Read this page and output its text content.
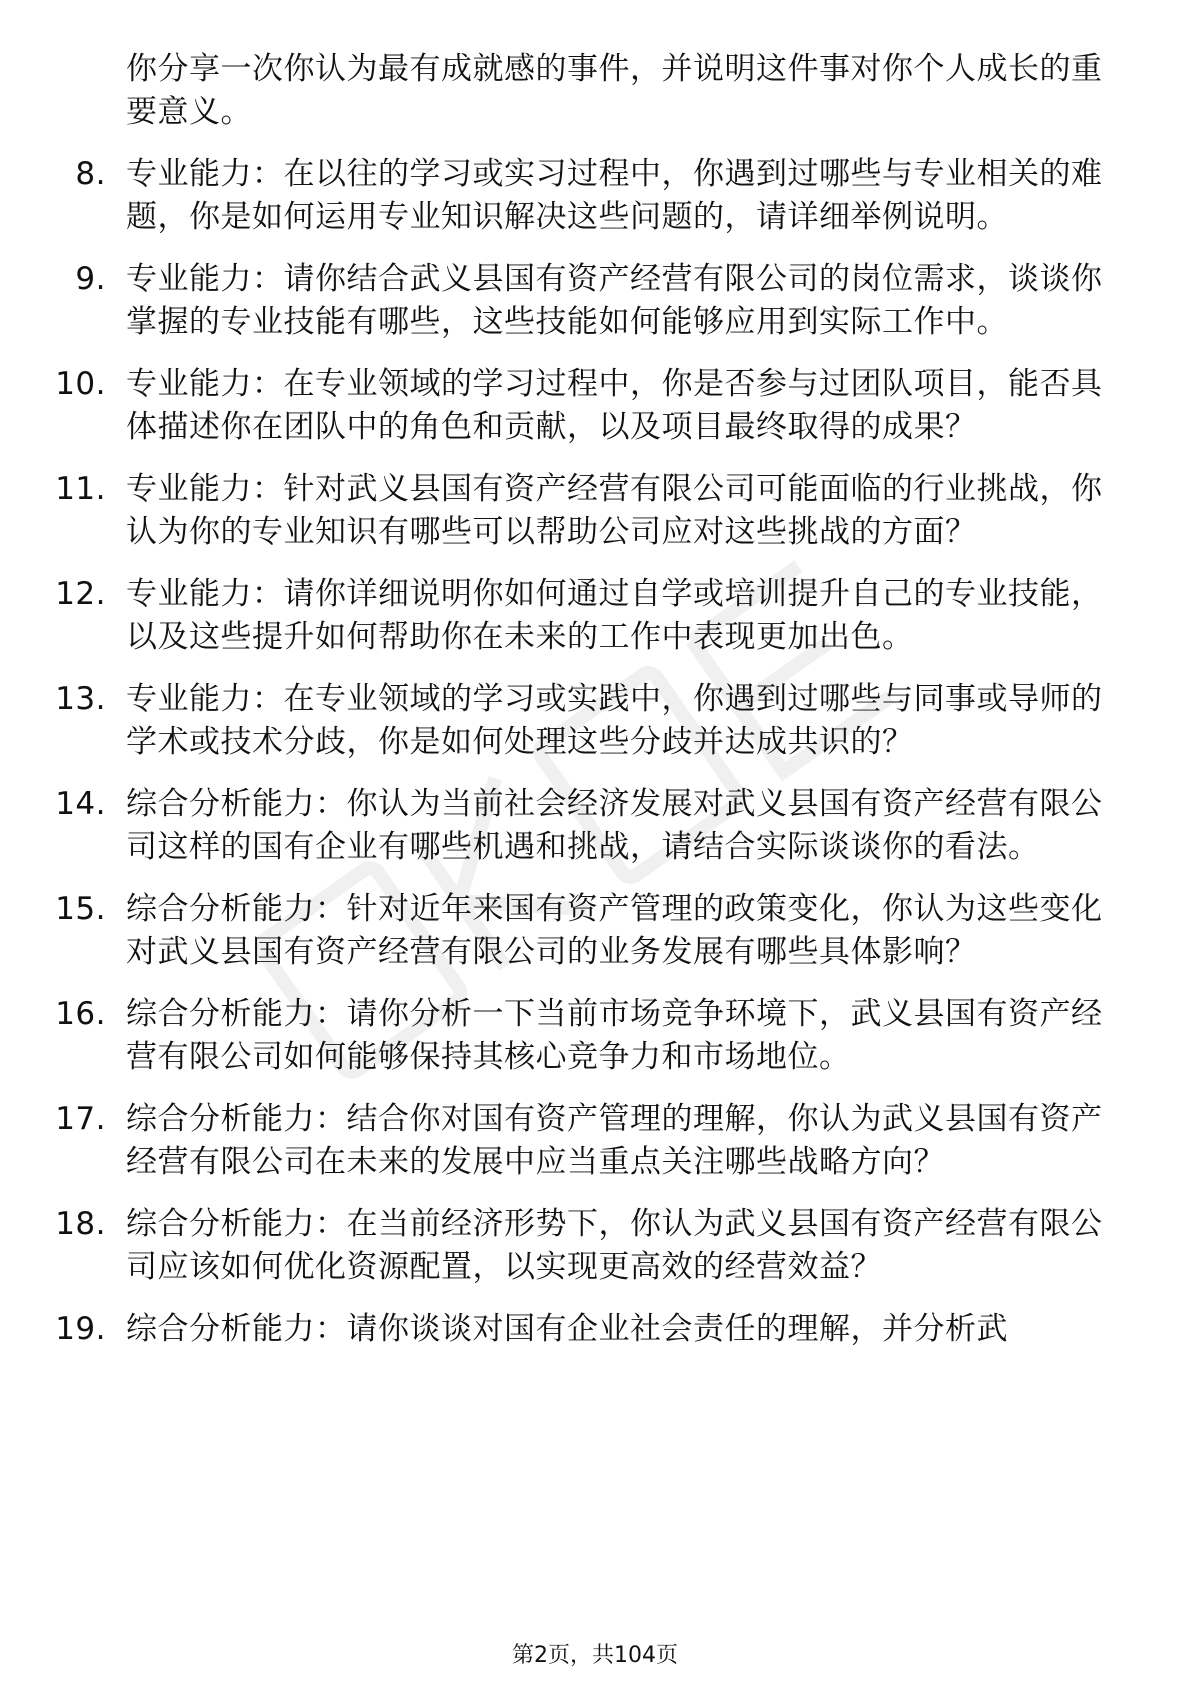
你分享一次你认为最有成就感的事件，并说明这件事对你个人成长的重要意义。
8. 专业能力：在以往的学习或实习过程中，你遇到过哪些与专业相关的难题，你是如何运用专业知识解决这些问题的，请详细举例说明。
9. 专业能力：请你结合武义县国有资产经营有限公司的岗位需求，谈谈你掌握的专业技能有哪些，这些技能如何能够应用到实际工作中。
10. 专业能力：在专业领域的学习过程中，你是否参与过团队项目，能否具体描述你在团队中的角色和贡献，以及项目最终取得的成果？
11. 专业能力：针对武义县国有资产经营有限公司可能面临的行业挑战，你认为你的专业知识有哪些可以帮助公司应对这些挑战的方面？
12. 专业能力：请你详细说明你如何通过自学或培训提升自己的专业技能，以及这些提升如何帮助你在未来的工作中表现更加出色。
13. 专业能力：在专业领域的学习或实践中，你遇到过哪些与同事或导师的学术或技术分歧，你是如何处理这些分歧并达成共识的？
14. 综合分析能力：你认为当前社会经济发展对武义县国有资产经营有限公司这样的国有企业有哪些机遇和挑战，请结合实际谈谈你的看法。
15. 综合分析能力：针对近年来国有资产管理的政策变化，你认为这些变化对武义县国有资产经营有限公司的业务发展有哪些具体影响？
16. 综合分析能力：请你分析一下当前市场竞争环境下，武义县国有资产经营有限公司如何能够保持其核心竞争力和市场地位。
17. 综合分析能力：结合你对国有资产管理的理解，你认为武义县国有资产经营有限公司在未来的发展中应当重点关注哪些战略方向？
18. 综合分析能力：在当前经济形势下，你认为武义县国有资产经营有限公司应该如何优化资源配置，以实现更高效的经营效益？
19. 综合分析能力：请你谈谈对国有企业社会责任的理解，并分析武
第2页，共104页
